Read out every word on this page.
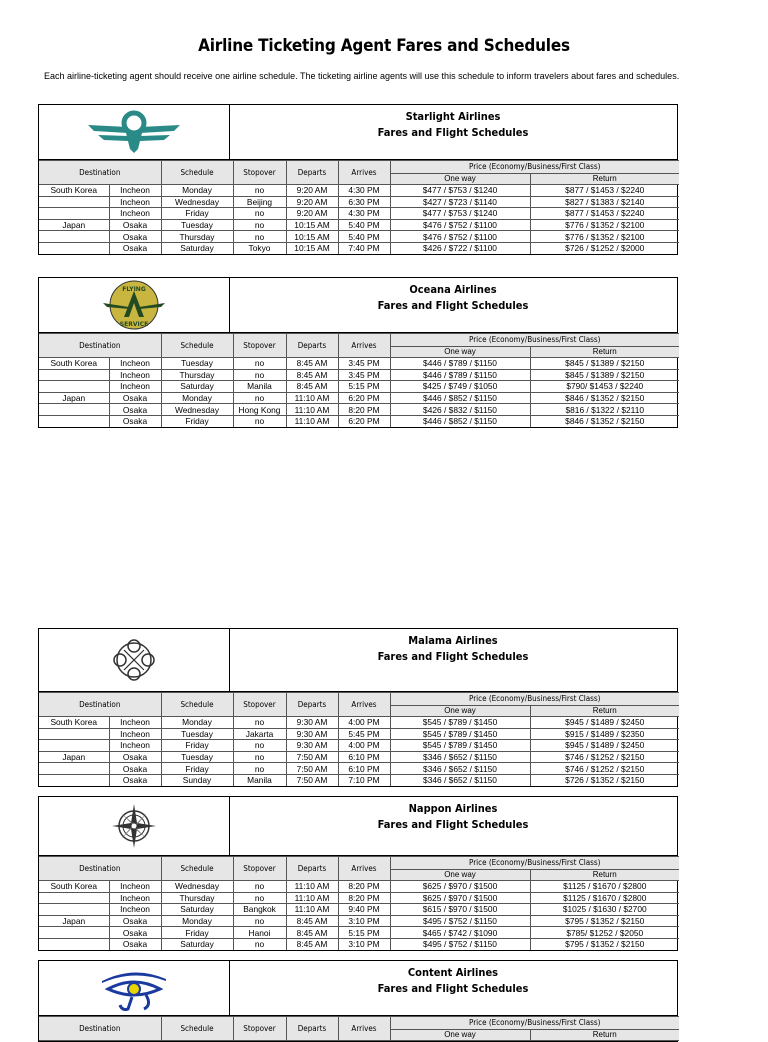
Airline Ticketing Agent Fares and Schedules
Each airline-ticketing agent should receive one airline schedule. The ticketing airline agents will use this schedule to inform travelers about fares and schedules.
Starlight Airlines
Fares and Flight Schedules
Destination		Schedule	Stopover	Departs	Arrives	Price (Economy/Business/First Class)	
						One way	Return
South Korea	Incheon	Monday	no	9:20 AM	4:30 PM	$477 / $753 / $1240	$877 / $1453 / $2240
	Incheon	Wednesday	Beijing	9:20 AM	6:30 PM	$427 / $723 / $1140	$827 / $1383 / $2140
	Incheon	Friday	no	9:20 AM	4:30 PM	$477 / $753 / $1240	$877 / $1453 / $2240
Japan	Osaka	Tuesday	no	10:15 AM	5:40 PM	$476 / $752 / $1100	$776 / $1352 / $2100
	Osaka	Thursday	no	10:15 AM	5:40 PM	$476 / $752 / $1100	$776 / $1352 / $2100
	Osaka	Saturday	Tokyo	10:15 AM	7:40 PM	$426 / $722 / $1100	$726 / $1252 / $2000
FLYING
SERVICE
Oceana Airlines
Fares and Flight Schedules
Destination		Schedule	Stopover	Departs	Arrives	Price (Economy/Business/First Class)	
						One way	Return
South Korea	Incheon	Tuesday	no	8:45 AM	3:45 PM	$446 / $789 / $1150	$845 / $1389 / $2150
	Incheon	Thursday	no	8:45 AM	3:45 PM	$446 / $789 / $1150	$845 / $1389 / $2150
	Incheon	Saturday	Manila	8:45 AM	5:15 PM	$425 / $749 / $1050	$790/ $1453 / $2240
Japan	Osaka	Monday	no	11:10 AM	6:20 PM	$446 / $852 / $1150	$846 / $1352 / $2150
	Osaka	Wednesday	Hong Kong	11:10 AM	8:20 PM	$426 / $832 / $1150	$816 / $1322 / $2110
	Osaka	Friday	no	11:10 AM	6:20 PM	$446 / $852 / $1150	$846 / $1352 / $2150
Malama Airlines
Fares and Flight Schedules
Destination		Schedule	Stopover	Departs	Arrives	Price (Economy/Business/First Class)	
						One way	Return
South Korea	Incheon	Monday	no	9:30 AM	4:00 PM	$545 / $789 / $1450	$945 / $1489 / $2450
	Incheon	Tuesday	Jakarta	9:30 AM	5:45 PM	$545 / $789 / $1450	$915 / $1489 / $2350
	Incheon	Friday	no	9:30 AM	4:00 PM	$545 / $789 / $1450	$945 / $1489 / $2450
Japan	Osaka	Tuesday	no	7:50 AM	6:10 PM	$346 / $652 / $1150	$746 / $1252 / $2150
	Osaka	Friday	no	7:50 AM	6:10 PM	$346 / $652 / $1150	$746 / $1252 / $2150
	Osaka	Sunday	Manila	7:50 AM	7:10 PM	$346 / $652 / $1150	$726 / $1352 / $2150
Nappon Airlines
Fares and Flight Schedules
Destination		Schedule	Stopover	Departs	Arrives	Price (Economy/Business/First Class)	
						One way	Return
South Korea	Incheon	Wednesday	no	11:10 AM	8:20 PM	$625 / $970 / $1500	$1125 / $1670 / $2800
	Incheon	Thursday	no	11:10 AM	8:20 PM	$625 / $970 / $1500	$1125 / $1670 / $2800
	Incheon	Saturday	Bangkok	11:10 AM	9:40 PM	$615 / $970 / $1500	$1025 / $1630 / $2700
Japan	Osaka	Monday	no	8:45 AM	3:10 PM	$495 / $752 / $1150	$795 / $1352 / $2150
	Osaka	Friday	Hanoi	8:45 AM	5:15 PM	$465 / $742 / $1090	$785/ $1252 / $2050
	Osaka	Saturday	no	8:45 AM	3:10 PM	$495 / $752 / $1150	$795 / $1352 / $2150
Content Airlines
Fares and Flight Schedules
Destination	Schedule	Stopover	Departs	Arrives	Price (Economy/Business/First Class)	
					One way	Return
